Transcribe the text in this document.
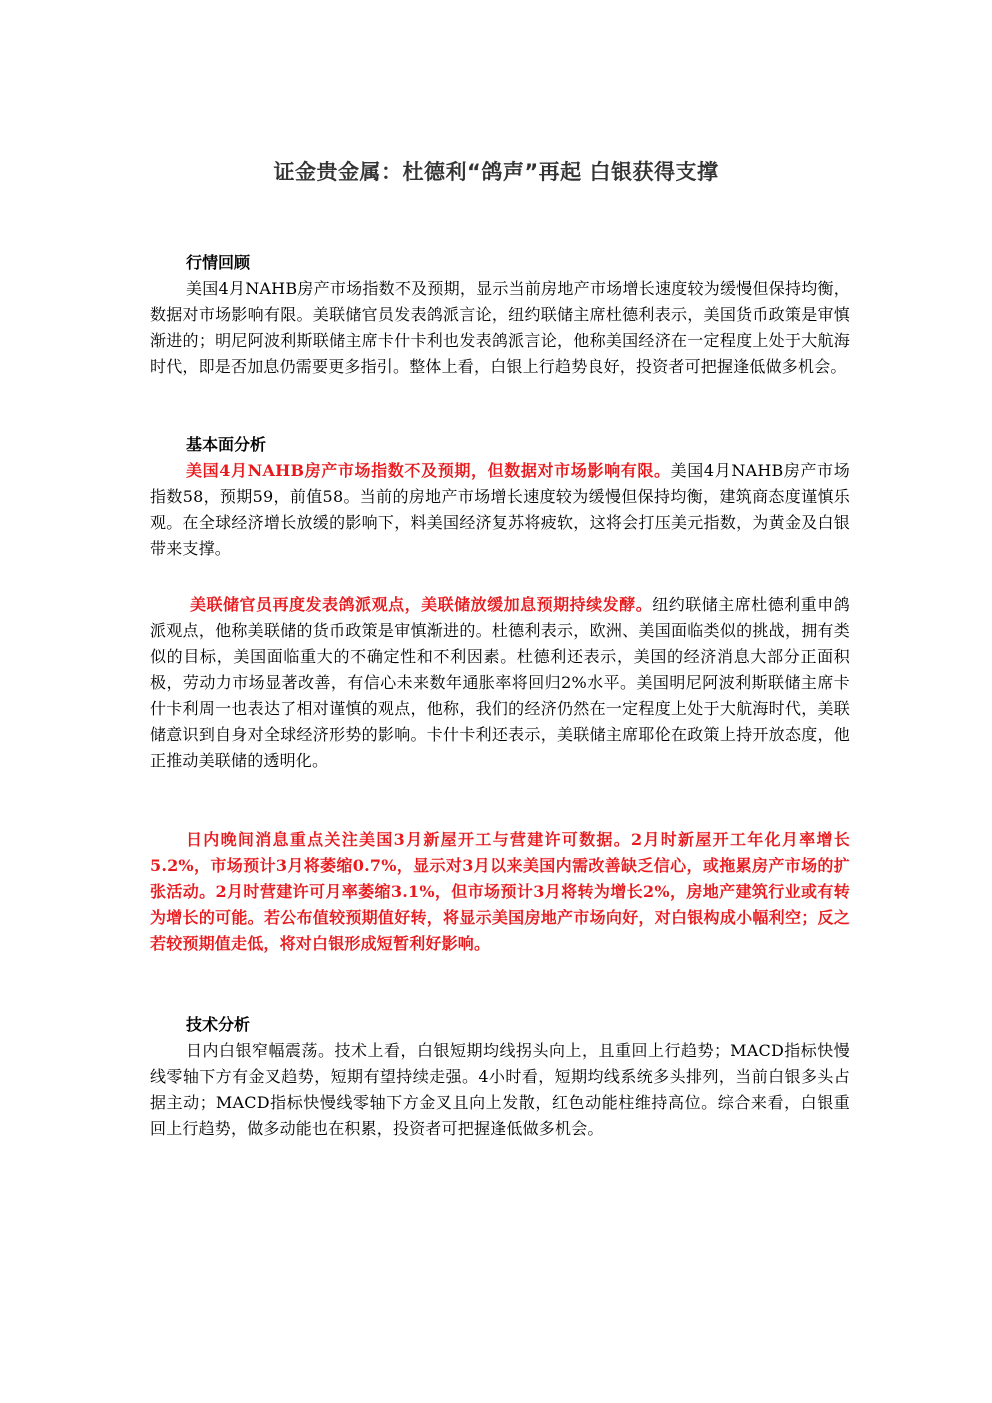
证金贵金属：杜德利“鸽声”再起 白银获得支撑
行情回顾

美国4月NAHB房产市场指数不及预期，显示当前房地产市场增长速度较为缓慢但保持均衡，数据对市场影响有限。美联储官员发表鸽派言论，纽约联储主席杜德利表示，美国货币政策是审慎渐进的；明尼阿波利斯联储主席卡什卡利也发表鸽派言论，他称美国经济在一定程度上处于大航海时代，即是否加息仍需要更多指引。整体上看，白银上行趋势良好，投资者可把握逢低做多机会。

基本面分析

美国4月NAHB房产市场指数不及预期，但数据对市场影响有限。美国4月NAHB房产市场指数58，预期59，前值58。当前的房地产市场增长速度较为缓慢但保持均衡，建筑商态度谨慎乐观。在全球经济增长放缓的影响下，料美国经济复苏将疲软，这将会打压美元指数，为黄金及白银带来支撑。

美联储官员再度发表鸽派观点，美联储放缓加息预期持续发酵。纽约联储主席杜德利重申鸽派观点，他称美联储的货币政策是审慎渐进的。杜德利表示，欧洲、美国面临类似的挑战，拥有类似的目标，美国面临重大的不确定性和不利因素。杜德利还表示，美国的经济消息大部分正面积极，劳动力市场显著改善，有信心未来数年通胀率将回归2%水平。美国明尼阿波利斯联储主席卡什卡利周一也表达了相对谨慎的观点，他称，我们的经济仍然在一定程度上处于大航海时代，美联储意识到自身对全球经济形势的影响。卡什卡利还表示，美联储主席耶伦在政策上持开放态度，他正推动美联储的透明化。

日内晚间消息重点关注美国3月新屋开工与营建许可数据。2月时新屋开工年化月率增长5.2%，市场预计3月将萎缩0.7%，显示对3月以来美国内需改善缺乏信心，或拖累房产市场的扩张活动。2月时营建许可月率萎缩3.1%，但市场预计3月将转为增长2%，房地产建筑行业或有转为增长的可能。若公布值较预期值好转，将显示美国房地产市场向好，对白银构成小幅利空；反之若较预期值走低，将对白银形成短暂利好影响。

技术分析

日内白银窄幅震荡。技术上看，白银短期均线拐头向上，且重回上行趋势；MACD指标快慢线零轴下方有金叉趋势，短期有望持续走强。4小时看，短期均线系统多头排列，当前白银多头占据主动；MACD指标快慢线零轴下方金叉且向上发散，红色动能柱维持高位。综合来看，白银重回上行趋势，做多动能也在积累，投资者可把握逢低做多机会。
